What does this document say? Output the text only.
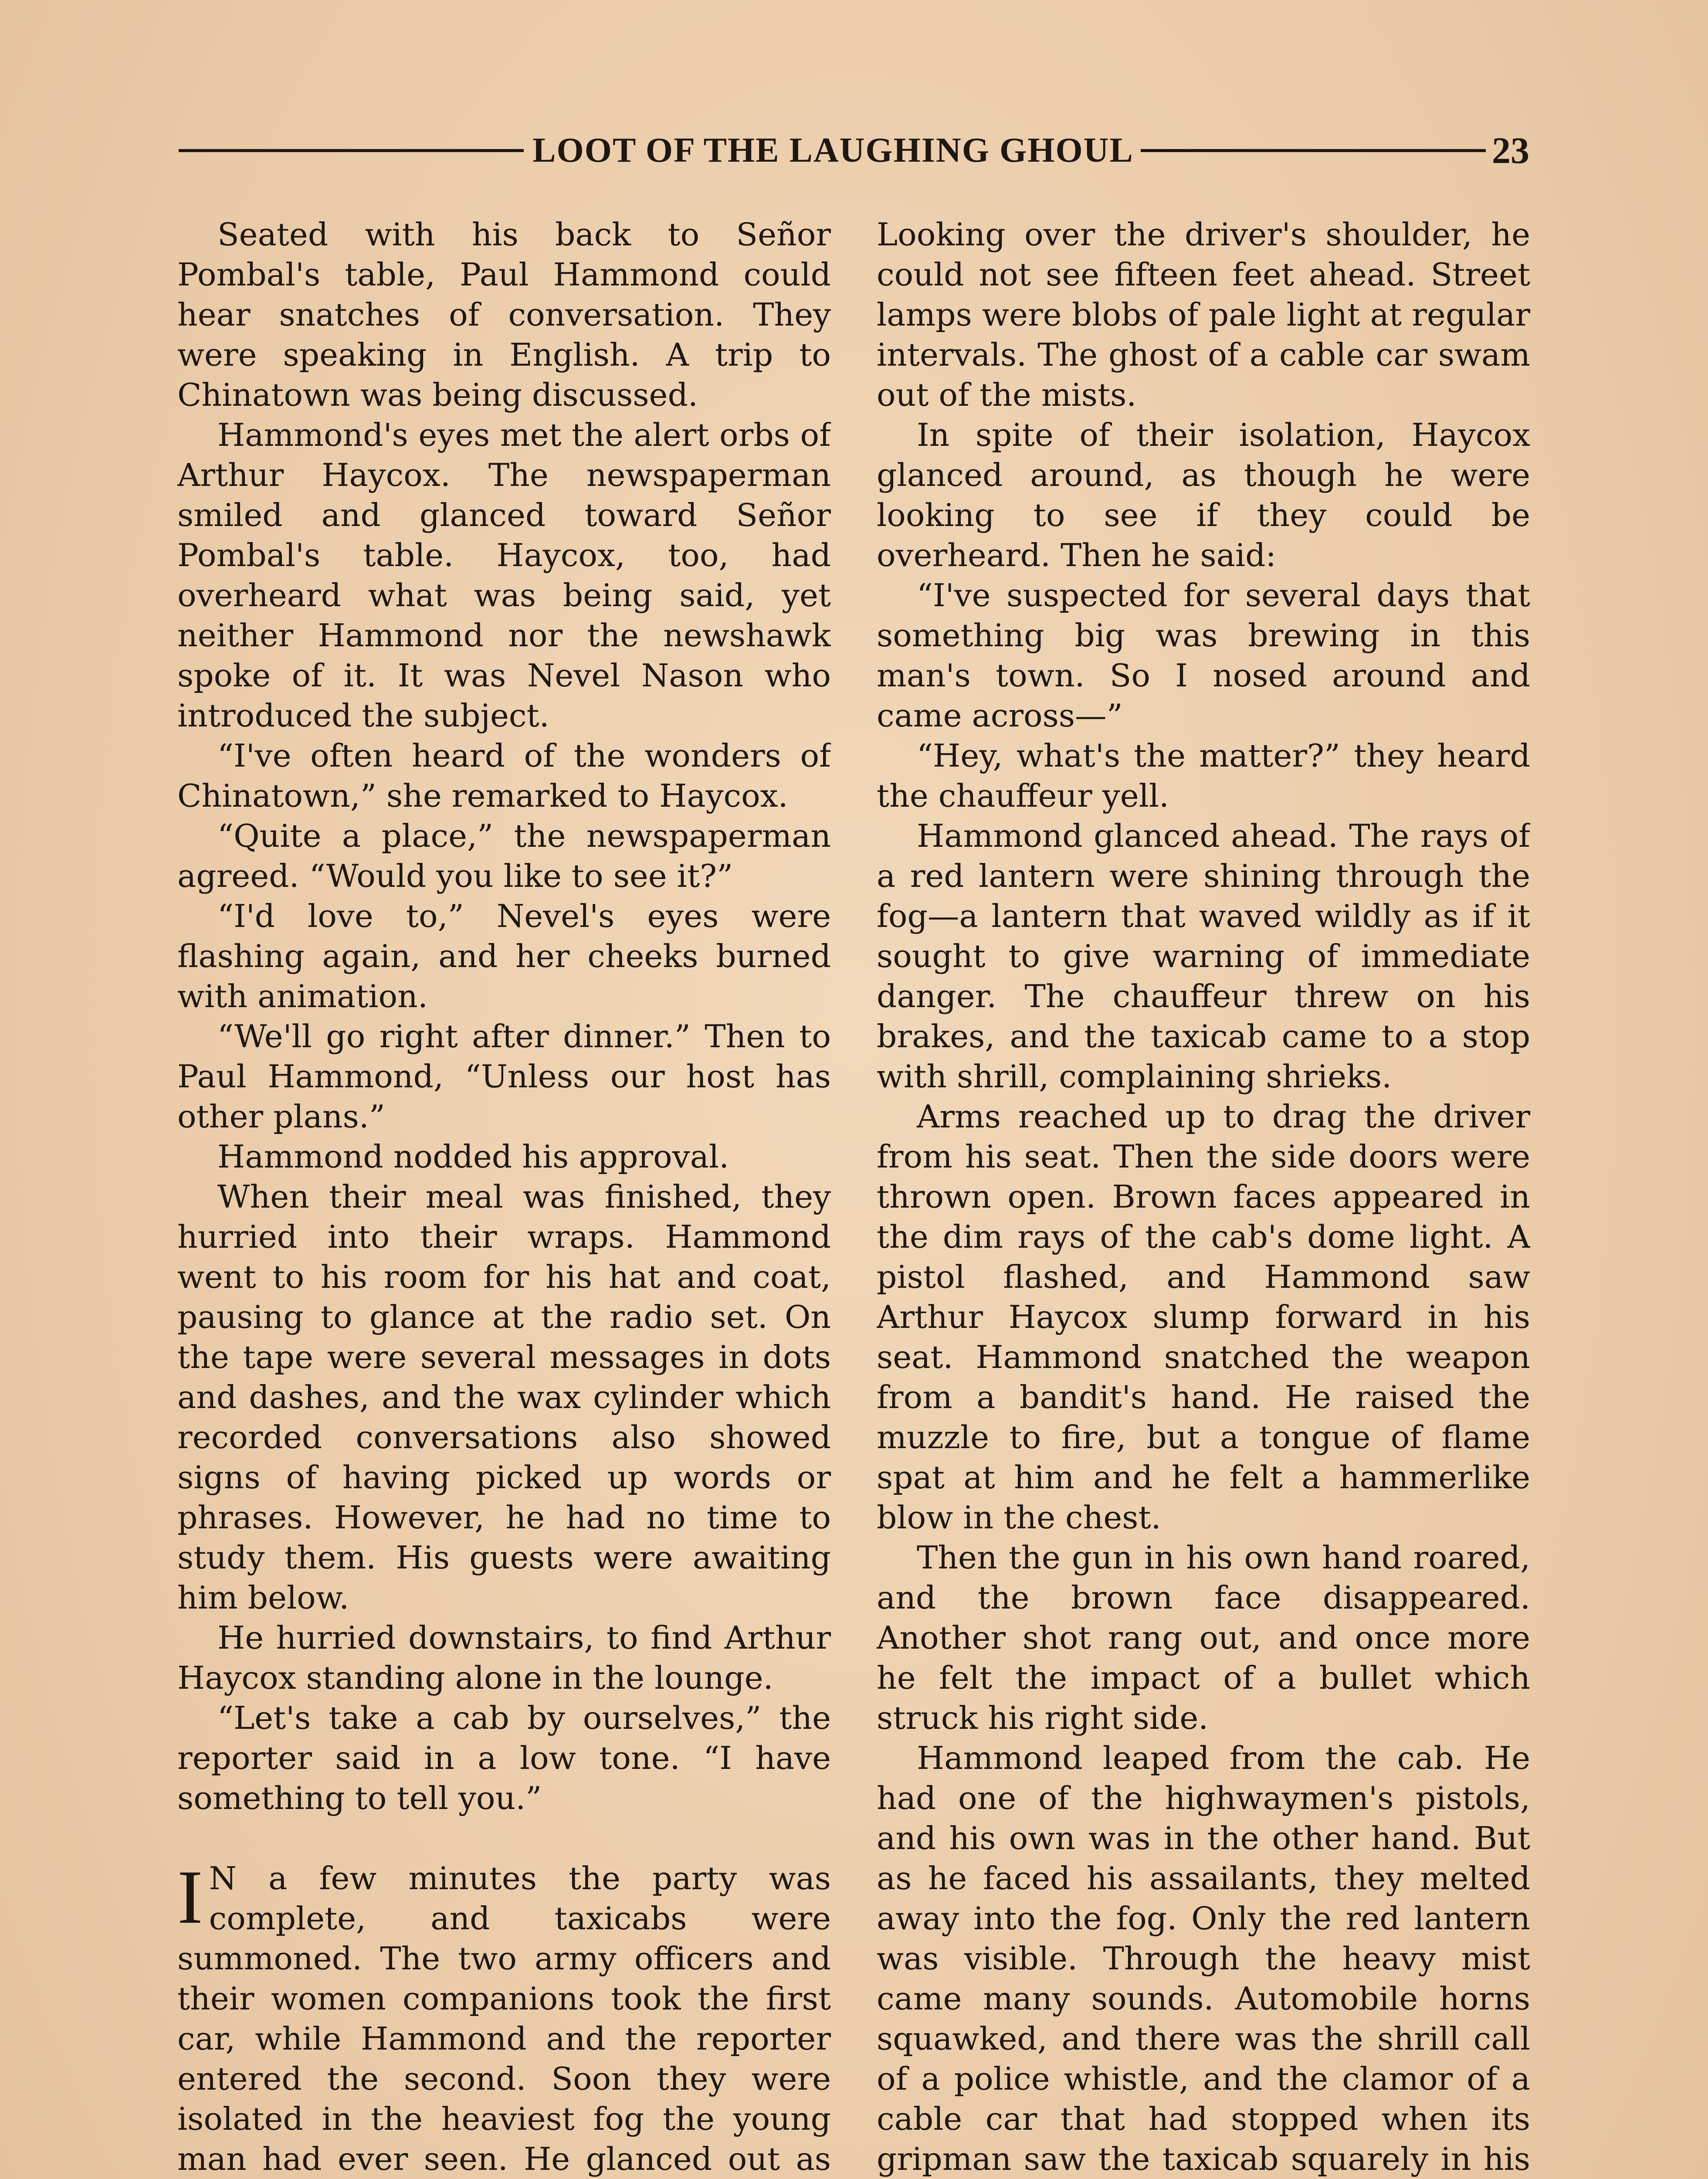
LOOT OF THE LAUGHING GHOUL	23

Seated with his back to Señor Pombal's table, Paul Hammond could hear snatches of conversation. They were speaking in English. A trip to Chinatown was being discussed.

Hammond's eyes met the alert orbs of Arthur Haycox. The newspaperman smiled and glanced toward Señor Pombal's table. Haycox, too, had overheard what was being said, yet neither Hammond nor the newshawk spoke of it. It was Nevel Nason who introduced the subject.

“I've often heard of the wonders of Chinatown,” she remarked to Haycox.

“Quite a place,” the newspaperman agreed. “Would you like to see it?”

“I'd love to,” Nevel's eyes were flashing again, and her cheeks burned with animation.

“We'll go right after dinner.” Then to Paul Hammond, “Unless our host has other plans.”

Hammond nodded his approval.

When their meal was finished, they hurried into their wraps. Hammond went to his room for his hat and coat, pausing to glance at the radio set. On the tape were several messages in dots and dashes, and the wax cylinder which recorded conversations also showed signs of having picked up words or phrases. However, he had no time to study them. His guests were awaiting him below.

He hurried downstairs, to find Arthur Haycox standing alone in the lounge.

“Let's take a cab by ourselves,” the reporter said in a low tone. “I have something to tell you.”

I N a few minutes the party was complete, and taxicabs were summoned. The two army officers and their women companions took the first car, while Hammond and the reporter entered the second. Soon they were isolated in the heaviest fog the young man had ever seen. He glanced out as

Looking over the driver's shoulder, he could not see fifteen feet ahead. Street lamps were blobs of pale light at regular intervals. The ghost of a cable car swam out of the mists.

In spite of their isolation, Haycox glanced around, as though he were looking to see if they could be overheard. Then he said:

“I've suspected for several days that something big was brewing in this man's town. So I nosed around and came across—”

“Hey, what's the matter?” they heard the chauffeur yell.

Hammond glanced ahead. The rays of a red lantern were shining through the fog—a lantern that waved wildly as if it sought to give warning of immediate danger. The chauffeur threw on his brakes, and the taxicab came to a stop with shrill, complaining shrieks.

Arms reached up to drag the driver from his seat. Then the side doors were thrown open. Brown faces appeared in the dim rays of the cab's dome light. A pistol flashed, and Hammond saw Arthur Haycox slump forward in his seat. Hammond snatched the weapon from a bandit's hand. He raised the muzzle to fire, but a tongue of flame spat at him and he felt a hammerlike blow in the chest.

Then the gun in his own hand roared, and the brown face disappeared. Another shot rang out, and once more he felt the impact of a bullet which struck his right side.

Hammond leaped from the cab. He had one of the highwaymen's pistols, and his own was in the other hand. But as he faced his assailants, they melted away into the fog. Only the red lantern was visible. Through the heavy mist came many sounds. Automobile horns squawked, and there was the shrill call of a police whistle, and the clamor of a cable car that had stopped when its gripman saw the taxicab squarely in his
